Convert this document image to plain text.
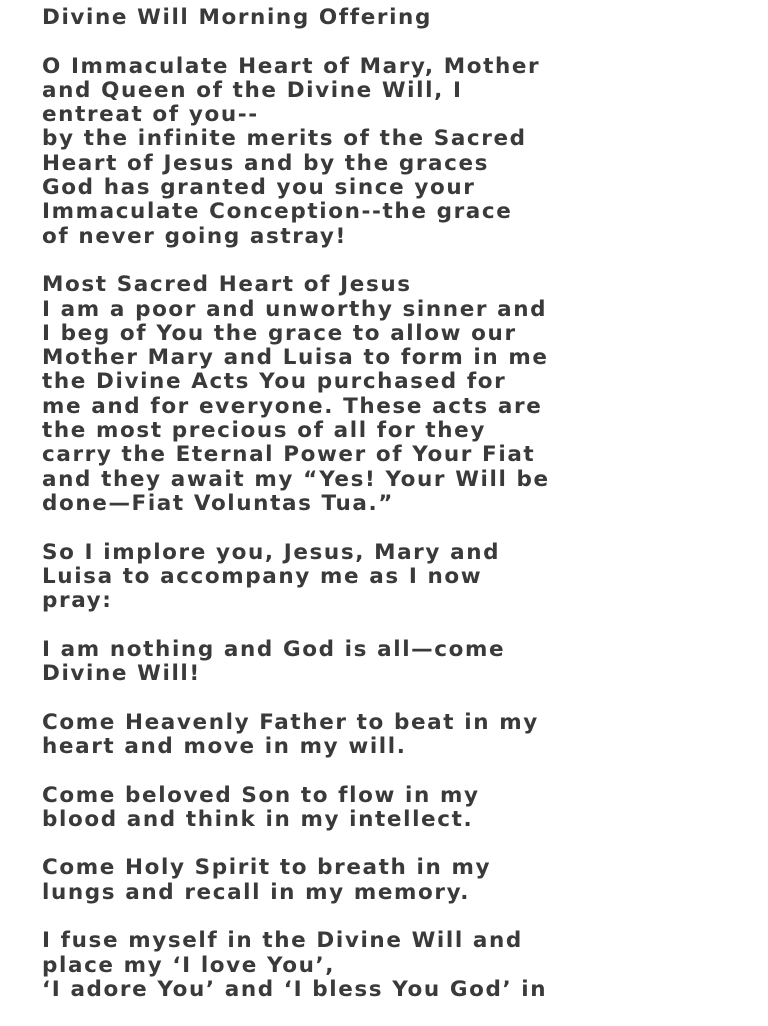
Divine Will Morning Offering
O Immaculate Heart of Mary, Mother
and Queen of the Divine Will, I
entreat of you--
by the infinite merits of the Sacred
Heart of Jesus and by the graces
God has granted you since your
Immaculate Conception--the grace
of never going astray!
Most Sacred Heart of Jesus
I am a poor and unworthy sinner and
I beg of You the grace to allow our
Mother Mary and Luisa to form in me
the Divine Acts You purchased for
me and for everyone. These acts are
the most precious of all for they
carry the Eternal Power of Your Fiat
and they await my “Yes! Your Will be
done—Fiat Voluntas Tua.”
So I implore you, Jesus, Mary and
Luisa to accompany me as I now
pray:
I am nothing and God is all—come
Divine Will!
Come Heavenly Father to beat in my
heart and move in my will.
Come beloved Son to flow in my
blood and think in my intellect.
Come Holy Spirit to breath in my
lungs and recall in my memory.
I fuse myself in the Divine Will and
place my ‘I love You’,
‘I adore You’ and ‘I bless You God’ in
